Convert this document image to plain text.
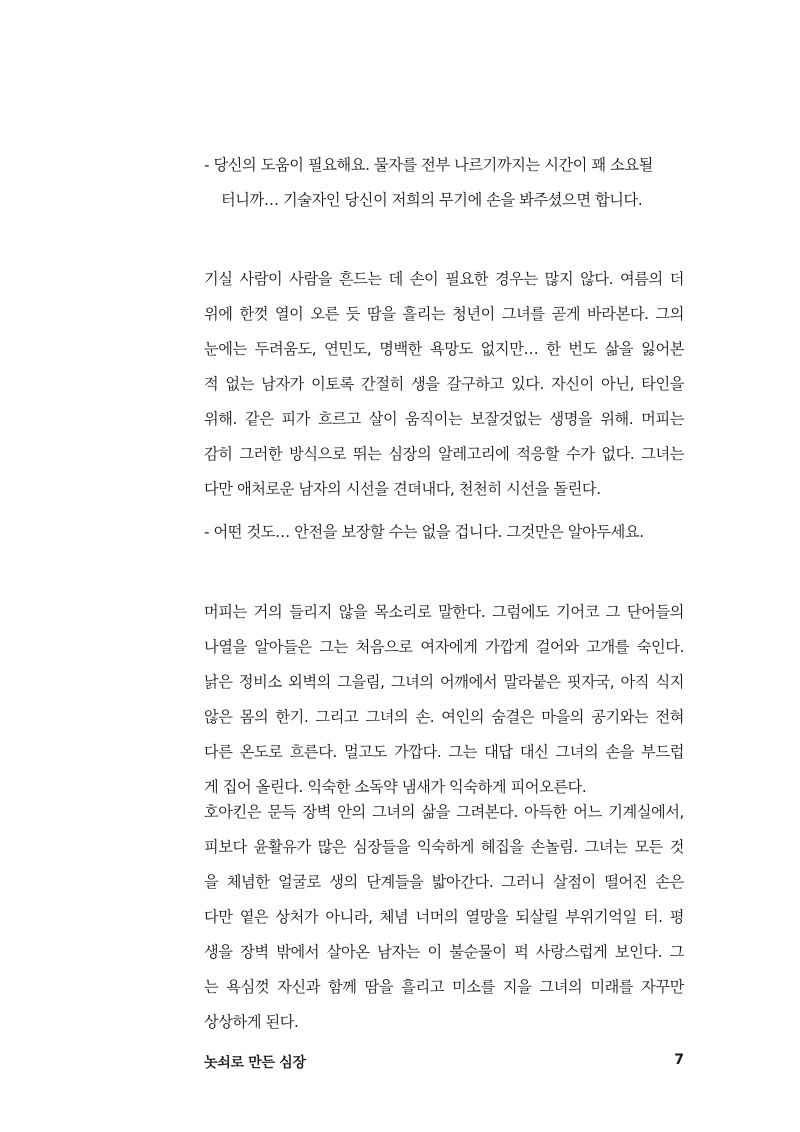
- 당신의 도움이 필요해요. 물자를 전부 나르기까지는 시간이 꽤 소요될
터니까… 기술자인 당신이 저희의 무기에 손을 봐주셨으면 합니다.
기실 사람이 사람을 흔드는 데 손이 필요한 경우는 많지 않다. 여름의 더
위에 한껏 열이 오른 듯 땀을 흘리는 청년이 그녀를 곧게 바라본다. 그의
눈에는 두려움도, 연민도, 명백한 욕망도 없지만… 한 번도 삶을 잃어본
적 없는 남자가 이토록 간절히 생을 갈구하고 있다. 자신이 아닌, 타인을
위해. 같은 피가 흐르고 살이 움직이는 보잘것없는 생명을 위해. 머피는
감히 그러한 방식으로 뛰는 심장의 알레고리에 적응할 수가 없다. 그녀는
다만 애처로운 남자의 시선을 견뎌내다, 천천히 시선을 돌린다.
- 어떤 것도… 안전을 보장할 수는 없을 겁니다. 그것만은 알아두세요.
머피는 거의 들리지 않을 목소리로 말한다. 그럼에도 기어코 그 단어들의
나열을 알아들은 그는 처음으로 여자에게 가깝게 걸어와 고개를 숙인다.
낡은 정비소 외벽의 그을림, 그녀의 어깨에서 말라붙은 핏자국, 아직 식지
않은 몸의 한기. 그리고 그녀의 손. 여인의 숨결은 마을의 공기와는 전혀
다른 온도로 흐른다. 멀고도 가깝다. 그는 대답 대신 그녀의 손을 부드럽
게 집어 올린다. 익숙한 소독약 냄새가 익숙하게 피어오른다.
호아킨은 문득 장벽 안의 그녀의 삶을 그려본다. 아득한 어느 기계실에서,
피보다 윤활유가 많은 심장들을 익숙하게 헤집을 손놀림. 그녀는 모든 것
을 체념한 얼굴로 생의 단계들을 밟아간다. 그러니 살점이 떨어진 손은
다만 옅은 상처가 아니라, 체념 너머의 열망을 되살릴 부위기억일 터. 평
생을 장벽 밖에서 살아온 남자는 이 불순물이 퍽 사랑스럽게 보인다. 그
는 욕심껏 자신과 함께 땀을 흘리고 미소를 지을 그녀의 미래를 자꾸만
상상하게 된다.
놋쇠로 만든 심장	7
